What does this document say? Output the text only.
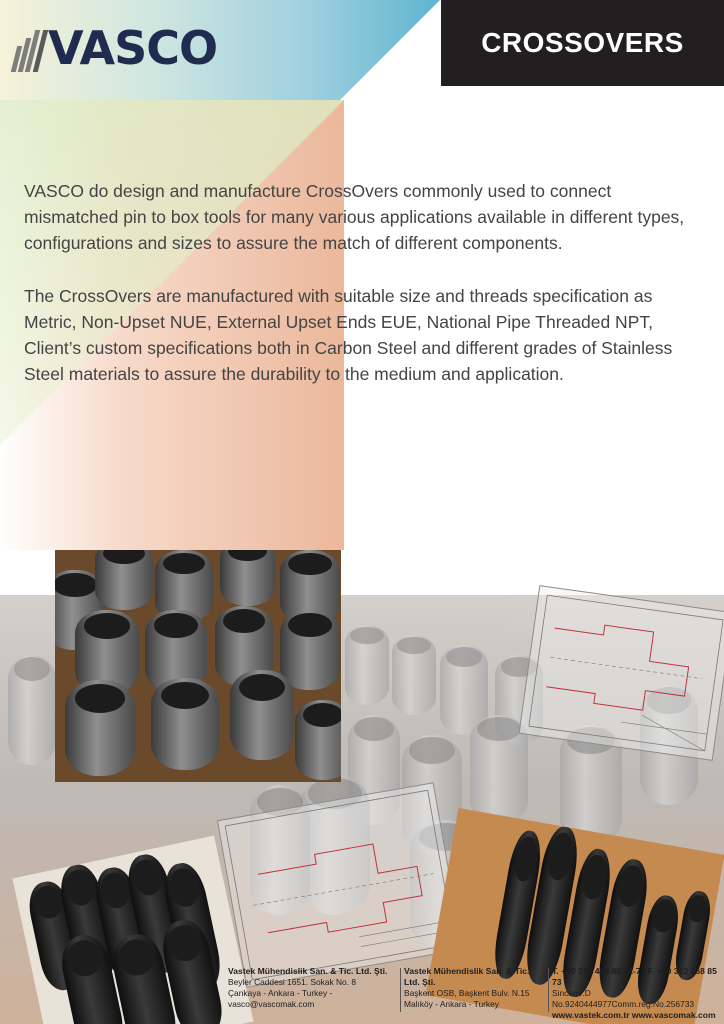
VASCO	CROSSOVERS

VASCO do design and manufacture CrossOvers commonly used to connect mismatched pin to box tools for many various applications available in different types, configurations and sizes to assure the match of different components.

The CrossOvers are manufactured with suitable size and threads specification as Metric, Non-Upset NUE, External Upset Ends EUE, National Pipe Threaded NPT, Client’s custom specifications both in Carbon Steel and different grades of Stainless Steel materials to assure the durability to the medium and application.

Vastek Mühendislik San. & Tic. Ltd. Şti.
Beyler Caddesi 1651. Sokak No. 8
Çankaya - Ankara - Turkey - vasco@vascomak.com
Vastek Mühendislik San. & Tic. Ltd. Şti.
Başkent OSB, Başkent Bulv. N.15
Malıköy - Ankara - Turkey
T. +90 312 468 88 72-73 F. +90 312 468 85 73
SincanV.D No.9240444977Comm.reg.No.256733
www.vastek.com.tr www.vascomak.com
